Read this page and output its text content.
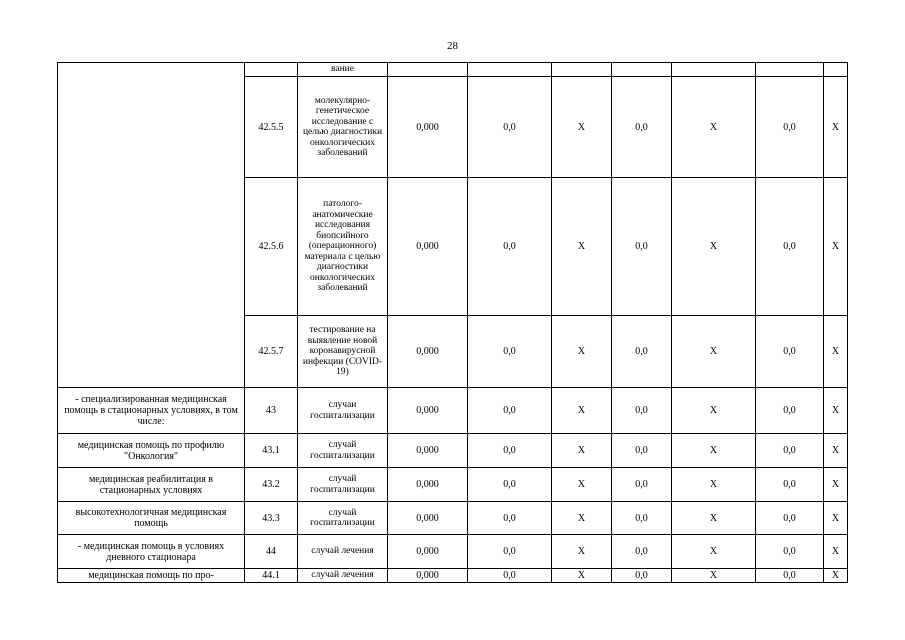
28
		вание							
	42.5.5	молекулярно-генетическое исследование с целью диагностики онкологических заболеваний	0,000	0,0	X	0,0	X	0,0	X
	42.5.6	патолого-анатомические исследования биопсийного (операционного) материала с целью диагностики онкологических заболеваний	0,000	0,0	X	0,0	X	0,0	X
	42.5.7	тестирование на выявление новой коронавирусной инфекции (COVID-19)	0,000	0,0	X	0,0	X	0,0	X
- специализированная медицинская помощь в стационарных условиях, в том числе:	43	случаи госпитализации	0,000	0,0	X	0,0	X	0,0	X
медицинская помощь по профилю "Онкология"	43.1	случай госпитализации	0,000	0,0	X	0,0	X	0,0	X
медицинская реабилитация в стационарных условиях	43.2	случай госпитализации	0,000	0,0	X	0,0	X	0,0	X
высокотехнологичная медицинская помощь	43.3	случай госпитализации	0,000	0,0	X	0,0	X	0,0	X
- медицинская помощь в условиях дневного стационара	44	случай лечения	0,000	0,0	X	0,0	X	0,0	X
медицинская помощь по про-	44.1	случай лечения	0,000	0,0	X	0,0	X	0,0	X
